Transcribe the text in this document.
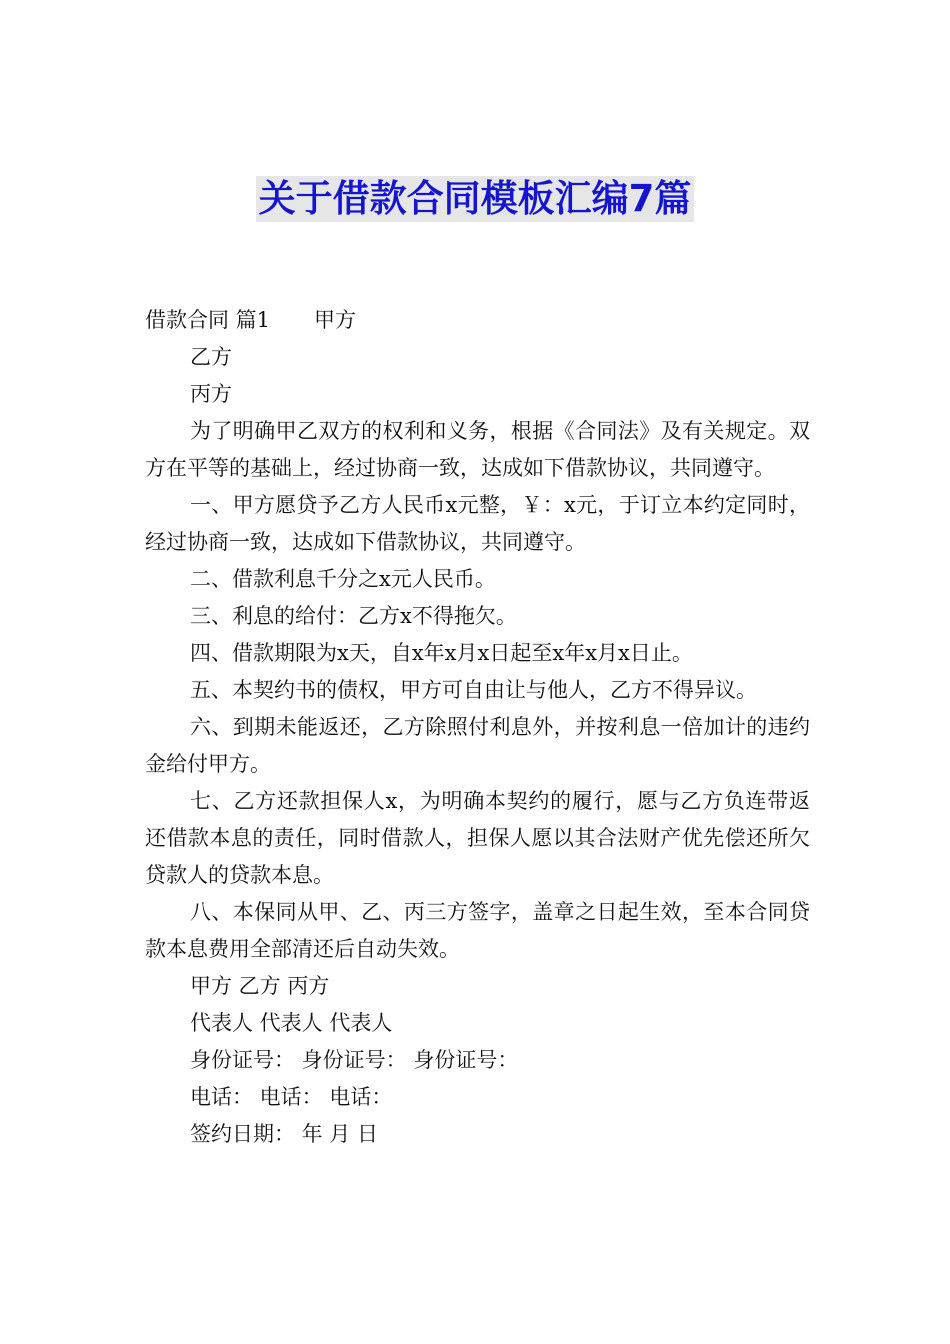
关于借款合同模板汇编7篇

借款合同 篇1 甲方

乙方

丙方

为了明确甲乙双方的权利和义务，根据《合同法》及有关规定。双方在平等的基础上，经过协商一致，达成如下借款协议，共同遵守。

一、甲方愿贷予乙方人民币x元整，￥：x元，于订立本约定同时，经过协商一致，达成如下借款协议，共同遵守。

二、借款利息千分之x元人民币。

三、利息的给付：乙方x不得拖欠。

四、借款期限为x天，自x年x月x日起至x年x月x日止。

五、本契约书的债权，甲方可自由让与他人，乙方不得异议。

六、到期未能返还，乙方除照付利息外，并按利息一倍加计的违约金给付甲方。

七、乙方还款担保人x，为明确本契约的履行，愿与乙方负连带返还借款本息的责任，同时借款人，担保人愿以其合法财产优先偿还所欠贷款人的贷款本息。

八、本保同从甲、乙、丙三方签字，盖章之日起生效，至本合同贷款本息费用全部清还后自动失效。

甲方 乙方 丙方

代表人 代表人 代表人

身份证号： 身份证号： 身份证号：

电话： 电话： 电话：

签约日期： 年 月 日
